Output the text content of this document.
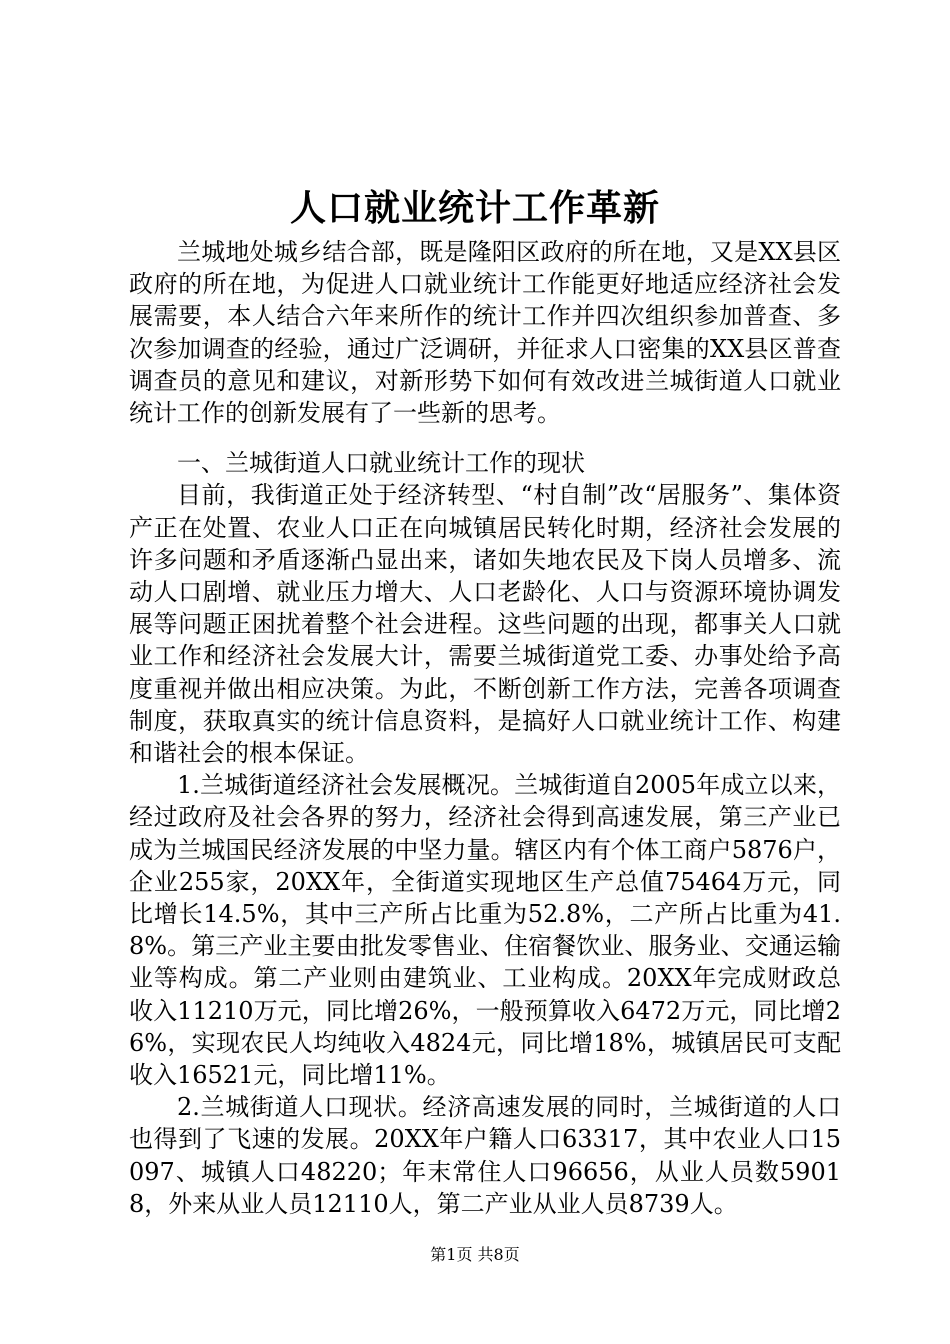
人口就业统计工作革新

兰城地处城乡结合部，既是隆阳区政府的所在地，又是XX县区政府的所在地，为促进人口就业统计工作能更好地适应经济社会发展需要，本人结合六年来所作的统计工作并四次组织参加普查、多次参加调查的经验，通过广泛调研，并征求人口密集的XX县区普查调查员的意见和建议，对新形势下如何有效改进兰城街道人口就业统计工作的创新发展有了一些新的思考。

一、兰城街道人口就业统计工作的现状

目前，我街道正处于经济转型、“村自制”改“居服务”、集体资产正在处置、农业人口正在向城镇居民转化时期，经济社会发展的许多问题和矛盾逐渐凸显出来，诸如失地农民及下岗人员增多、流动人口剧增、就业压力增大、人口老龄化、人口与资源环境协调发展等问题正困扰着整个社会进程。这些问题的出现，都事关人口就业工作和经济社会发展大计，需要兰城街道党工委、办事处给予高度重视并做出相应决策。为此，不断创新工作方法，完善各项调查制度，获取真实的统计信息资料，是搞好人口就业统计工作、构建和谐社会的根本保证。

1.兰城街道经济社会发展概况。兰城街道自2005年成立以来，经过政府及社会各界的努力，经济社会得到高速发展，第三产业已成为兰城国民经济发展的中坚力量。辖区内有个体工商户5876户，企业255家，20XX年，全街道实现地区生产总值75464万元，同比增长14.5%，其中三产所占比重为52.8%，二产所占比重为41.8%。第三产业主要由批发零售业、住宿餐饮业、服务业、交通运输业等构成。第二产业则由建筑业、工业构成。20XX年完成财政总收入11210万元，同比增26%，一般预算收入6472万元，同比增26%，实现农民人均纯收入4824元，同比增18%，城镇居民可支配收入16521元，同比增11%。

2.兰城街道人口现状。经济高速发展的同时，兰城街道的人口也得到了飞速的发展。20XX年户籍人口63317，其中农业人口15097、城镇人口48220；年末常住人口96656，从业人员数59018，外来从业人员12110人，第二产业从业人员8739人。

第1页 共8页
